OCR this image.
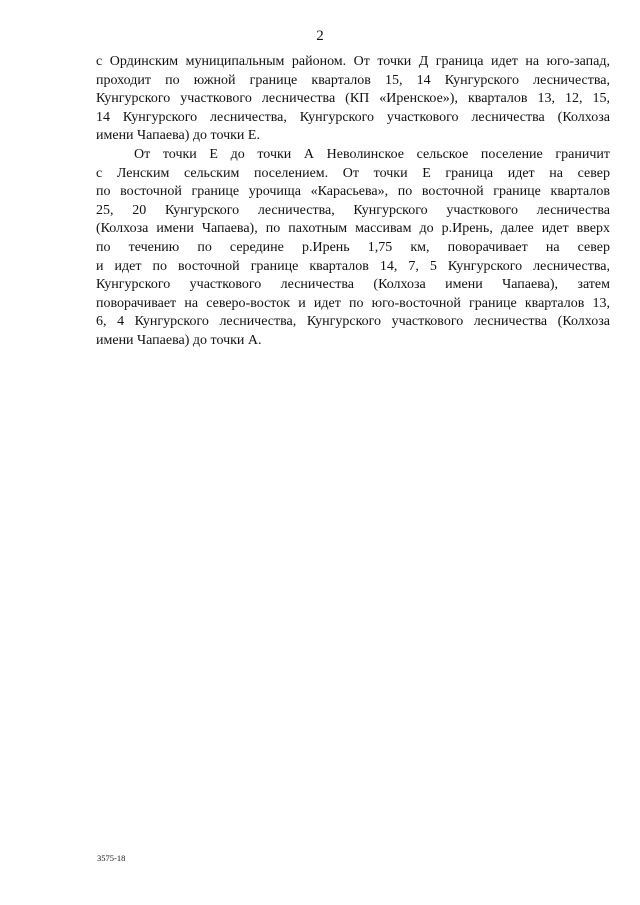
2

с Ординским муниципальным районом. От точки Д граница идет на юго-запад,
проходит по южной границе кварталов 15, 14 Кунгурского лесничества,
Кунгурского участкового лесничества (КП «Иренское»), кварталов 13, 12, 15,
14 Кунгурского лесничества, Кунгурского участкового лесничества (Колхоза
имени Чапаева) до точки Е.

От точки Е до точки А Неволинское сельское поселение граничит
с Ленским сельским поселением. От точки Е граница идет на север
по восточной границе урочища «Карасьева», по восточной границе кварталов
25, 20 Кунгурского лесничества, Кунгурского участкового лесничества
(Колхоза имени Чапаева), по пахотным массивам до р.Ирень, далее идет вверх
по течению по середине р.Ирень 1,75 км, поворачивает на север
и идет по восточной границе кварталов 14, 7, 5 Кунгурского лесничества,
Кунгурского участкового лесничества (Колхоза имени Чапаева), затем
поворачивает на северо-восток и идет по юго-восточной границе кварталов 13,
6, 4 Кунгурского лесничества, Кунгурского участкового лесничества (Колхоза
имени Чапаева) до точки А.

3575-18
